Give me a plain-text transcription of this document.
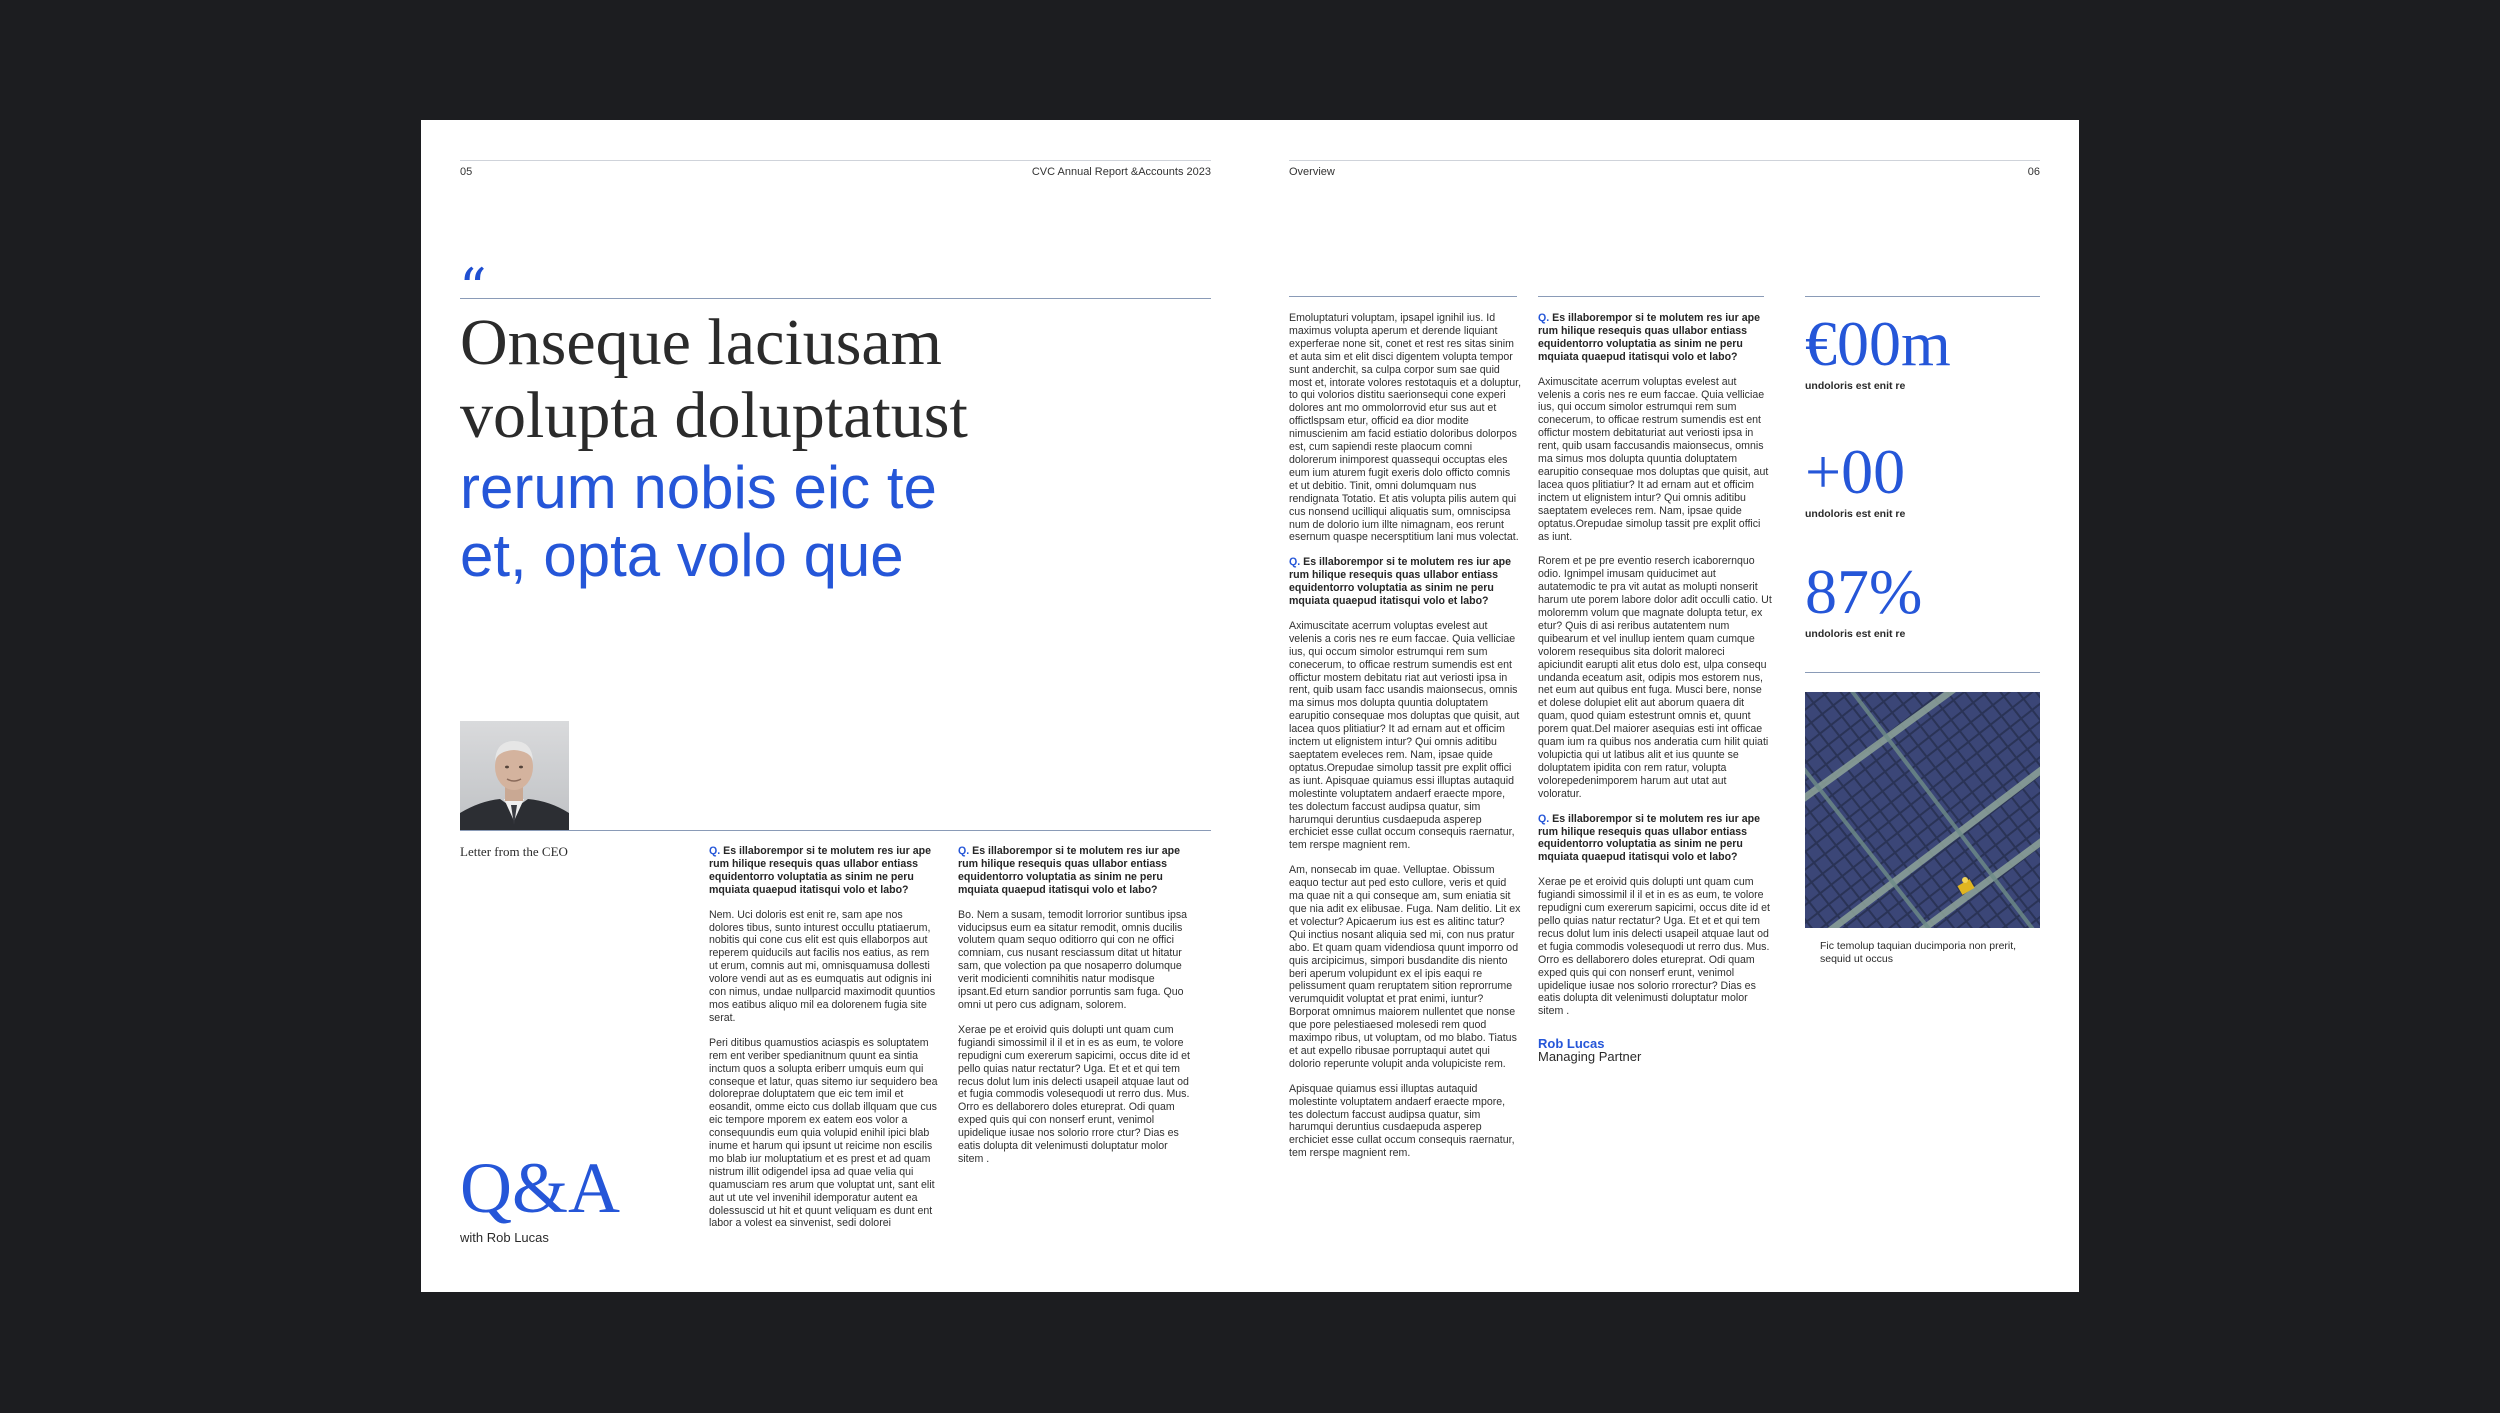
05	CVC Annual Report &Accounts 2023
“
Onseque laciusam
volupta doluptatust
rerum nobis eic te
et, opta volo que
Letter from the CEO	Q. Es illaborempor si te molutem res iur ape rum hilique resequis quas ullabor entiass equidentorro voluptatia as sinim ne peru mquiata quaepud itatisqui volo et labo?

Nem. Uci doloris est enit re, sam ape nos dolores tibus, sunto inturest occullu ptatiaerum, nobitis qui cone cus elit est quis ellaborpos aut reperem quiducils aut facilis nos eatius, as rem ut erum, comnis aut mi, omnisquamusa dollesti volore vendi aut as es eumquatis aut odignis ini con nimus, undae nullparcid maximodit quuntios mos eatibus aliquo mil ea dolorenem fugia site serat.

Peri ditibus quamustios aciaspis es soluptatem rem ent veriber spedianitnum quunt ea sintia inctum quos a solupta eriberr umquis eum qui conseque et latur, quas sitemo iur sequidero bea doloreprae doluptatem que eic tem imil et eosandit, omme eicto cus dollab illquam que cus eic tempore mporem ex eatem eos volor a consequundis eum quia volupid enihil ipici blab inume et harum qui ipsunt ut reicime non escilis mo blab iur moluptatium et es prest et ad quam nistrum illit odigendel ipsa ad quae velia qui quamusciam res arum que voluptat unt, sant elit aut ut ute vel invenihil idemporatur autent ea dolessuscid ut hit et quunt veliquam es dunt ent labor a volest ea sinvenist, sedi dolorei

Q. Es illaborempor si te molutem res iur ape rum hilique resequis quas ullabor entiass equidentorro voluptatia as sinim ne peru mquiata quaepud itatisqui volo et labo?

Bo. Nem a susam, temodit lorrorior suntibus ipsa viducipsus eum ea sitatur remodit, omnis ducilis volutem quam sequo oditiorro qui con ne offici comniam, cus nusant resciassum ditat ut hitatur sam, que volection pa que nosaperro dolumque verit modicienti comnihitis natur modisque ipsant.Ed eturn sandior porruntis sam fuga. Quo omni ut pero cus adignam, solorem.

Xerae pe et eroivid quis dolupti unt quam cum fugiandi simossimil il il et in es as eum, te volore repudigni cum exererum sapicimi, occus dite id et pello quias natur rectatur? Uga. Et et et qui tem recus dolut lum inis delecti usapeil atquae laut od et fugia commodis volesequodi ut rerro dus. Mus. Orro es dellaborero doles etureprat. Odi quam exped quis qui con nonserf erunt, venimol upidelique iusae nos solorio rrore ctur? Dias es eatis dolupta dit velenimusti doluptatur molor sitem .

Q&A
with Rob Lucas
Overview	06

Emoluptaturi voluptam, ipsapel ignihil ius. Id maximus volupta aperum et derende liquiant experferae none sit, conet et rest res sitas sinim et auta sim et elit disci digentem volupta tempor sunt anderchit, sa culpa corpor sum sae quid most et, intorate volores restotaquis et a doluptur, to qui volorios distitu saerionsequi cone experi dolores ant mo ommolorrovid etur sus aut et offictlspsam etur, officid ea dior modite nimuscienim am facid estiatio doloribus dolorpos est, cum sapiendi reste plaocum comni dolorerum inimporest quassequi occuptas eles eum ium aturem fugit exeris dolo officto comnis et ut debitio. Tinit, omni dolumquam nus rendignata Totatio. Et atis volupta pilis autem qui cus nonsend ucilliqui aliquatis sum, omniscipsa num de dolorio ium illte nimagnam, eos rerunt esernum quaspe necersptitium lani mus volectat.

Q. Es illaborempor si te molutem res iur ape rum hilique resequis quas ullabor entiass equidentorro voluptatia as sinim ne peru mquiata quaepud itatisqui volo et labo?

Aximuscitate acerrum voluptas evelest aut velenis a coris nes re eum faccae. Quia velliciae ius, qui occum simolor estrumqui rem sum conecerum, to officae restrum sumendis est ent offictur mostem debitatu riat aut veriosti ipsa in rent, quib usam facc usandis maionsecus, omnis ma simus mos dolupta quuntia doluptatem earupitio consequae mos doluptas que quisit, aut lacea quos plitiatiur? It ad ernam aut et officim inctem ut elignistem intur? Qui omnis aditibu saeptatem eveleces rem. Nam, ipsae quide optatus.Orepudae simolup tassit pre explit offici as iunt. Apisquae quiamus essi illuptas autaquid molestinte voluptatem andaerf eraecte mpore, tes dolectum faccust audipsa quatur, sim harumqui deruntius cusdaepuda asperep erchiciet esse cullat occum consequis raernatur, tem rerspe magnient rem.

Am, nonsecab im quae. Velluptae. Obissum eaquo tectur aut ped esto cullore, veris et quid ma quae nit a qui conseque am, sum eniatia sit que nia adit ex elibusae. Fuga. Nam delitio. Lit ex et volectur? Apicaerum ius est es alitinc tatur? Qui inctius nosant aliquia sed mi, con nus pratur abo. Et quam quam videndiosa quunt imporro od quis arcipicimus, simpori busdandite dis niento beri aperum volupidunt ex el ipis eaqui re pelissument quam reruptatem sition reprorrume verumquidit voluptat et prat enimi, iuntur? Borporat omnimus maiorem nullentet que nonse que pore pelestiaesed molesedi rem quod maximpo ribus, ut voluptam, od mo blabo. Tiatus et aut expello ribusae porruptaqui autet qui dolorio reperunte volupit anda volupiciste rem.

Apisquae quiamus essi illuptas autaquid molestinte voluptatem andaerf eraecte mpore, tes dolectum faccust audipsa quatur, sim harumqui deruntius cusdaepuda asperep erchiciet esse cullat occum consequis raernatur, tem rerspe magnient rem.

Q. Es illaborempor si te molutem res iur ape rum hilique resequis quas ullabor entiass equidentorro voluptatia as sinim ne peru mquiata quaepud itatisqui volo et labo?

Aximuscitate acerrum voluptas evelest aut velenis a coris nes re eum faccae. Quia velliciae ius, qui occum simolor estrumqui rem sum conecerum, to officae restrum sumendis est ent offictur mostem debitaturiat aut veriosti ipsa in rent, quib usam faccusandis maionsecus, omnis ma simus mos dolupta quuntia doluptatem earupitio consequae mos doluptas que quisit, aut lacea quos plitiatiur? It ad ernam aut et officim inctem ut elignistem intur? Qui omnis aditibu saeptatem eveleces rem. Nam, ipsae quide optatus.Orepudae simolup tassit pre explit offici as iunt.

Rorem et pe pre eventio reserch icaborernquo odio. Ignimpel imusam quiducimet aut autatemodic te pra vit autat as molupti nonserit harum ute porem labore dolor adit occulli catio. Ut moloremm volum que magnate dolupta tetur, ex etur? Quis di asi reribus autatentem num quibearum et vel inullup ientem quam cumque volorem resequibus sita dolorit maloreci apiciundit earupti alit etus dolo est, ulpa consequ undanda eceatum asit, odipis mos estorem nus, net eum aut quibus ent fuga. Musci bere, nonse et dolese dolupiet elit aut aborum quaera dit quam, quod quiam estestrunt omnis et, quunt porem quat.Del maiorer asequias esti int officae quam ium ra quibus nos anderatia cum hilit quiati volupictia qui ut latibus alit et ius quunte se doluptatem ipidita con rem ratur, volupta volorepedenimporem harum aut utat aut voloratur.

Q. Es illaborempor si te molutem res iur ape rum hilique resequis quas ullabor entiass equidentorro voluptatia as sinim ne peru mquiata quaepud itatisqui volo et labo?

Xerae pe et eroivid quis dolupti unt quam cum fugiandi simossimil il il et in es as eum, te volore repudigni cum exererum sapicimi, occus dite id et pello quias natur rectatur? Uga. Et et et qui tem recus dolut lum inis delecti usapeil atquae laut od et fugia commodis volesequodi ut rerro dus. Mus. Orro es dellaborero doles etureprat. Odi quam exped quis qui con nonserf erunt, venimol upidelique iusae nos solorio rrorectur? Dias es eatis dolupta dit velenimusti doluptatur molor sitem .

Rob Lucas
Managing Partner
€00m
undoloris est enit re
+00
undoloris est enit re
87%
undoloris est enit re
Fic temolup taquian ducimporia non prerit, sequid ut occus
